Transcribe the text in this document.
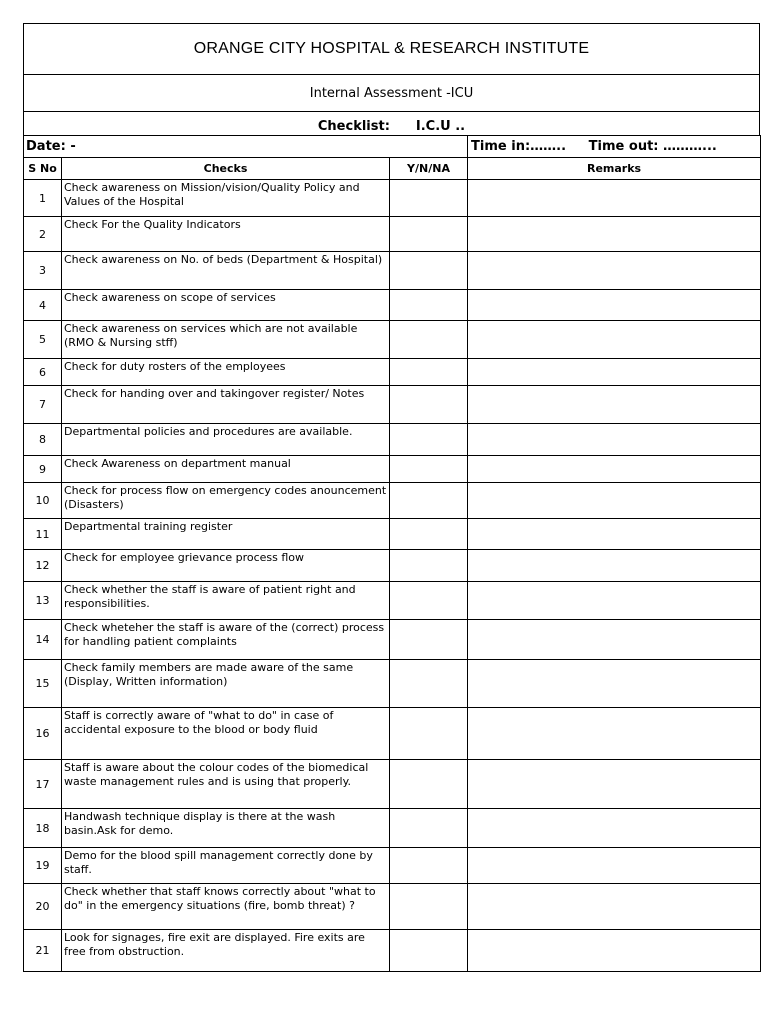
ORANGE CITY HOSPITAL & RESEARCH INSTITUTE
Internal Assessment -ICU
Checklist: I.C.U ..
Date: -			Time in:…….. Time out: ………...
S No	Checks	Y/N/NA	Remarks
1	Check awareness on Mission/vision/Quality Policy and Values of the Hospital		
2	Check For the Quality Indicators		
3	Check awareness on No. of beds (Department & Hospital)		
4	Check awareness on scope of services		
5	Check awareness on services which are not available (RMO & Nursing stff)		
6	Check for duty rosters of the employees		
7	Check for handing over and takingover register/ Notes		
8	Departmental policies and procedures are available.		
9	Check Awareness on department manual		
10	Check for process flow on emergency codes anouncement (Disasters)		
11	Departmental training register		
12	Check for employee grievance process flow		
13	Check whether the staff is aware of patient right and responsibilities.		
14	Check wheteher the staff is aware of the (correct) process for handling patient complaints		
15	Check family members are made aware of the same (Display, Written information)		
16	Staff is correctly aware of "what to do" in case of accidental exposure to the blood or body fluid		
17	Staff is aware about the colour codes of the biomedical waste management rules and is using that properly.		
18	Handwash technique display is there at the wash basin.Ask for demo.		
19	Demo for the blood spill management correctly done by staff.		
20	Check whether that staff knows correctly about "what to do" in the emergency situations (fire, bomb threat) ?		
21	Look for signages, fire exit are displayed. Fire exits are free from obstruction.		
